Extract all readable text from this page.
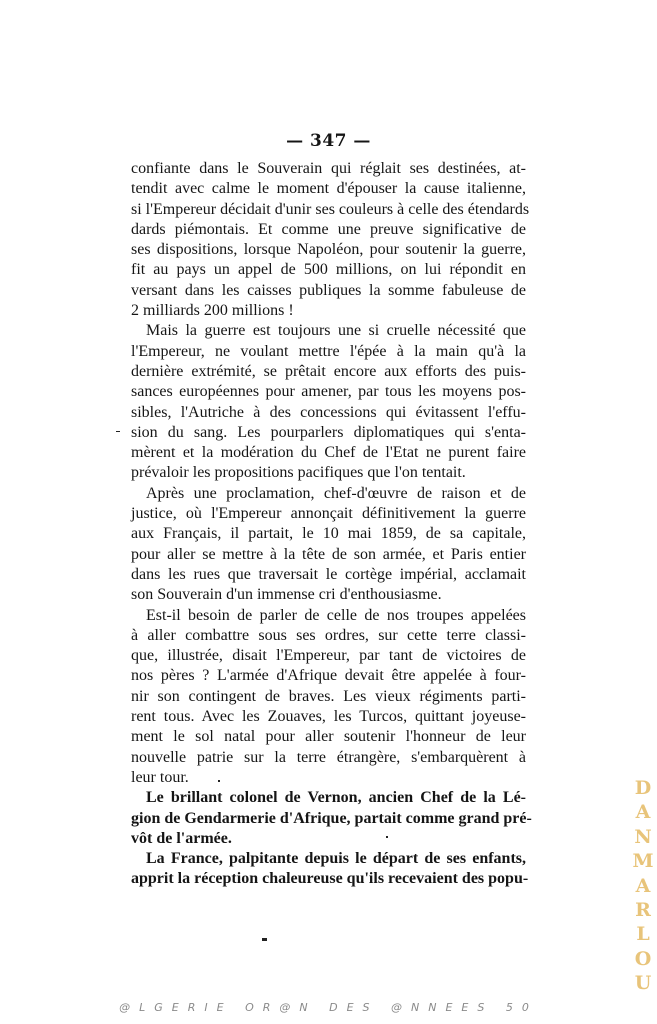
— 347 —
confiante dans le Souverain qui réglait ses destinées, at-
tendit avec calme le moment d'épouser la cause italienne,
si l'Empereur décidait d'unir ses couleurs à celle des étendards
dards piémontais. Et comme une preuve significative de
ses dispositions, lorsque Napoléon, pour soutenir la guerre,
fit au pays un appel de 500 millions, on lui répondit en
versant dans les caisses publiques la somme fabuleuse de
2 milliards 200 millions !
Mais la guerre est toujours une si cruelle nécessité que
l'Empereur, ne voulant mettre l'épée à la main qu'à la
dernière extrémité, se prêtait encore aux efforts des puis-
sances européennes pour amener, par tous les moyens pos-
sibles, l'Autriche à des concessions qui évitassent l'effu-
sion du sang. Les pourparlers diplomatiques qui s'enta-
mèrent et la modération du Chef de l'Etat ne purent faire
prévaloir les propositions pacifiques que l'on tentait.
Après une proclamation, chef-d'œuvre de raison et de
justice, où l'Empereur annonçait définitivement la guerre
aux Français, il partait, le 10 mai 1859, de sa capitale,
pour aller se mettre à la tête de son armée, et Paris entier
dans les rues que traversait le cortège impérial, acclamait
son Souverain d'un immense cri d'enthousiasme.
Est-il besoin de parler de celle de nos troupes appelées
à aller combattre sous ses ordres, sur cette terre classi-
que, illustrée, disait l'Empereur, par tant de victoires de
nos pères ? L'armée d'Afrique devait être appelée à four-
nir son contingent de braves. Les vieux régiments parti-
rent tous. Avec les Zouaves, les Turcos, quittant joyeuse-
ment le sol natal pour aller soutenir l'honneur de leur
nouvelle patrie sur la terre étrangère, s'embarquèrent à
leur tour.
Le brillant colonel de Vernon, ancien Chef de la Lé-
gion de Gendarmerie d'Afrique, partait comme grand pré-
vôt de l'armée.
La France, palpitante depuis le départ de ses enfants,
apprit la réception chaleureuse qu'ils recevaient des popu-
D
A
N
M
A
R
L
O
U
@LGERIE OR@N DES @NNEES 50
